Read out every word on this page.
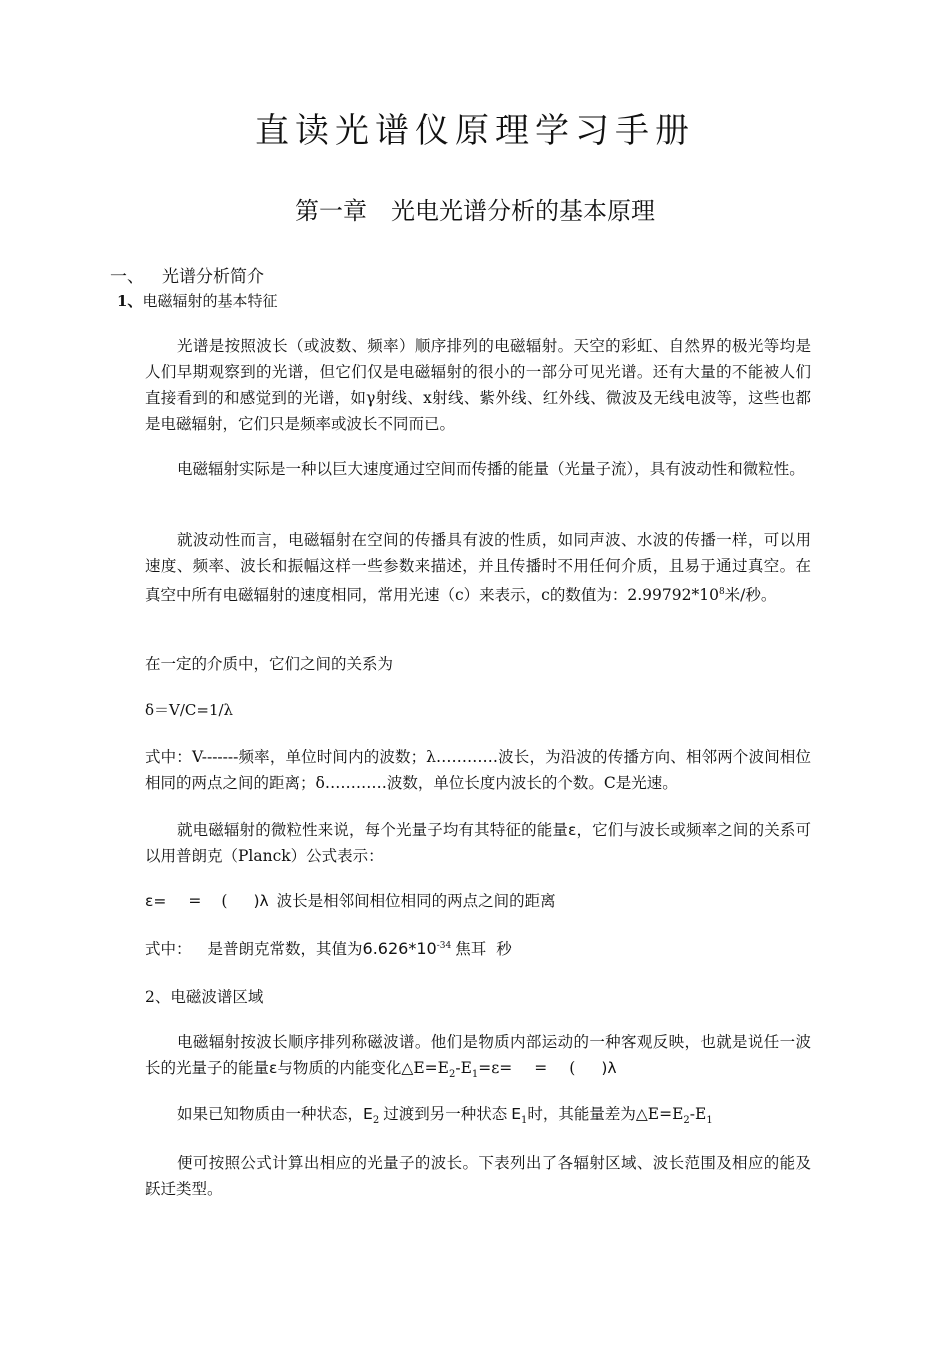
直读光谱仪原理学习手册
第一章　光电光谱分析的基本原理
一、 光谱分析简介
1、电磁辐射的基本特征
光谱是按照波长（或波数、频率）顺序排列的电磁辐射。天空的彩虹、自然界的极光等均是人们早期观察到的光谱，但它们仅是电磁辐射的很小的一部分可见光谱。还有大量的不能被人们直接看到的和感觉到的光谱，如γ射线、x射线、紫外线、红外线、微波及无线电波等，这些也都是电磁辐射，它们只是频率或波长不同而已。
电磁辐射实际是一种以巨大速度通过空间而传播的能量（光量子流），具有波动性和微粒性。
就波动性而言，电磁辐射在空间的传播具有波的性质，如同声波、水波的传播一样，可以用速度、频率、波长和振幅这样一些参数来描述，并且传播时不用任何介质，且易于通过真空。在真空中所有电磁辐射的速度相同，常用光速（c）来表示，c的数值为：$2.99792*10^8$米/秒。
在一定的介质中，它们之间的关系为
δ＝V/C=1/λ
式中：V-------频率，单位时间内的波数；λ…………波长，为沿波的传播方向、相邻两个波间相位相同的两点之间的距离；δ…………波数，单位长度内波长的个数。C是光速。
就电磁辐射的微粒性来说，每个光量子均有其特征的能量ε，它们与波长或频率之间的关系可以用普朗克（Planck）公式表示：
ε= = ( )λ 波长是相邻间相位相同的两点之间的距离
式中： 是普朗克常数，其值为$6.626*10^{-34}$ 焦耳 秒
2、电磁波谱区域
电磁辐射按波长顺序排列称磁波谱。他们是物质内部运动的一种客观反映，也就是说任一波长的光量子的能量ε与物质的内能变化$\triangle E=E_2-E_1=\varepsilon=$ = ( )λ
如果已知物质由一种状态，$E_2$ 过渡到另一种状态 $E_1$时，其能量差为$\triangle E=E_2-E_1$
便可按照公式计算出相应的光量子的波长。下表列出了各辐射区域、波长范围及相应的能及跃迁类型。
